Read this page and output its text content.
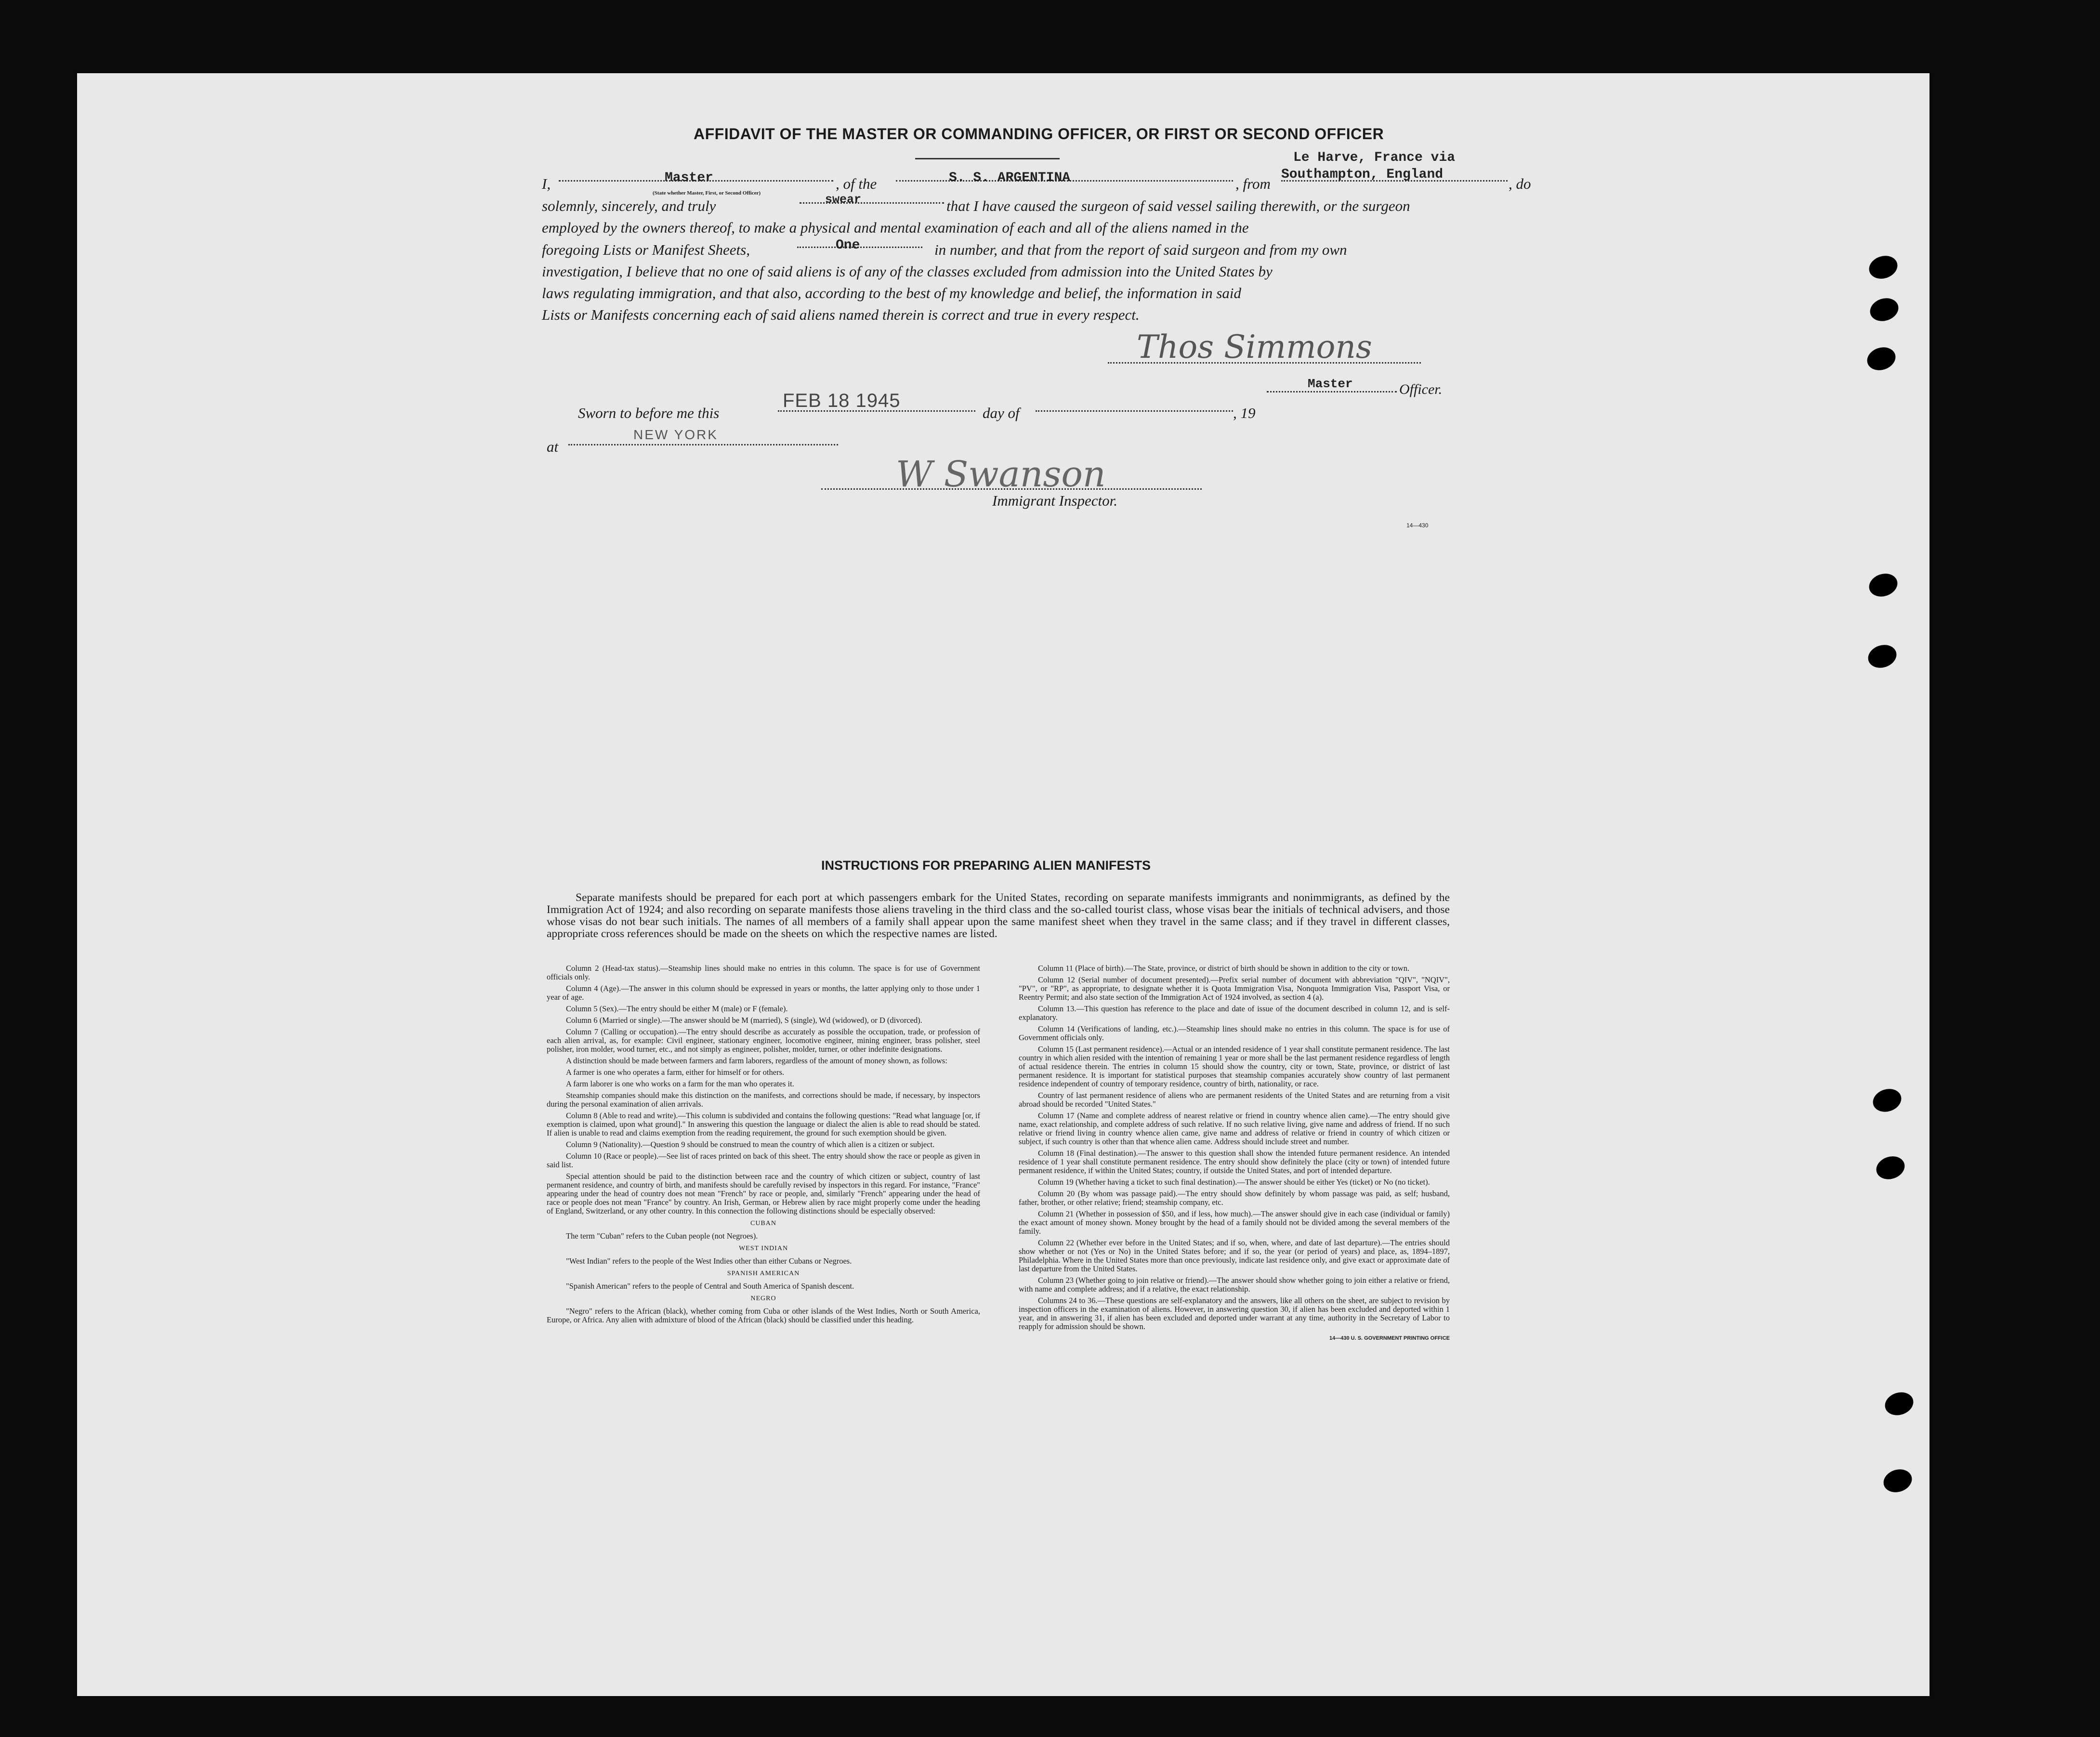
AFFIDAVIT OF THE MASTER OR COMMANDING OFFICER, OR FIRST OR SECOND OFFICER
I,	Master
(State whether Master, First, or Second Officer)
, of the	S. S. ARGENTINA	, from
Le Harve, France via
Southampton, England
, do
solemnly, sincerely, and truly	swear	that I have caused the surgeon of said vessel sailing therewith, or the surgeon
employed by the owners thereof, to make a physical and mental examination of each and all of the aliens named in the
foregoing Lists or Manifest Sheets,	One	in number, and that from the report of said surgeon and from my own
investigation, I believe that no one of said aliens is of any of the classes excluded from admission into the United States by
laws regulating immigration, and that also, according to the best of my knowledge and belief, the information in said
Lists or Manifests concerning each of said aliens named therein is correct and true in every respect.
Thos Simmons
Master	Officer.
Sworn to before me this
FEB 18 1945
day of	, 19
at
NEW YORK
W Swanson
Immigrant Inspector.
14—430
INSTRUCTIONS FOR PREPARING ALIEN MANIFESTS

Separate manifests should be prepared for each port at which passengers embark for the United States, recording on separate manifests immigrants and nonimmigrants, as defined by the Immigration Act of 1924; and also recording on separate manifests those aliens traveling in the third class and the so-called tourist class, whose visas bear the initials of technical advisers, and those whose visas do not bear such initials. The names of all members of a family shall appear upon the same manifest sheet when they travel in the same class; and if they travel in different classes, appropriate cross references should be made on the sheets on which the respective names are listed.

Column 2 (Head-tax status).—Steamship lines should make no entries in this column. The space is for use of Government officials only.

Column 4 (Age).—The answer in this column should be expressed in years or months, the latter applying only to those under 1 year of age.

Column 5 (Sex).—The entry should be either M (male) or F (female).

Column 6 (Married or single).—The answer should be M (married), S (single), Wd (widowed), or D (divorced).

Column 7 (Calling or occupation).—The entry should describe as accurately as possible the occupation, trade, or profession of each alien arrival, as, for example: Civil engineer, stationary engineer, locomotive engineer, mining engineer, brass polisher, steel polisher, iron molder, wood turner, etc., and not simply as engineer, polisher, molder, turner, or other indefinite designations.

A distinction should be made between farmers and farm laborers, regardless of the amount of money shown, as follows:

A farmer is one who operates a farm, either for himself or for others.

A farm laborer is one who works on a farm for the man who operates it.

Steamship companies should make this distinction on the manifests, and corrections should be made, if necessary, by inspectors during the personal examination of alien arrivals.

Column 8 (Able to read and write).—This column is subdivided and contains the following questions: "Read what language [or, if exemption is claimed, upon what ground]." In answering this question the language or dialect the alien is able to read should be stated. If alien is unable to read and claims exemption from the reading requirement, the ground for such exemption should be given.

Column 9 (Nationality).—Question 9 should be construed to mean the country of which alien is a citizen or subject.

Column 10 (Race or people).—See list of races printed on back of this sheet. The entry should show the race or people as given in said list.

Special attention should be paid to the distinction between race and the country of which citizen or subject, country of last permanent residence, and country of birth, and manifests should be carefully revised by inspectors in this regard. For instance, "France" appearing under the head of country does not mean "French" by race or people, and, similarly "French" appearing under the head of race or people does not mean "France" by country. An Irish, German, or Hebrew alien by race might properly come under the heading of England, Switzerland, or any other country. In this connection the following distinctions should be especially observed:

CUBAN

The term "Cuban" refers to the Cuban people (not Negroes).

WEST INDIAN

"West Indian" refers to the people of the West Indies other than either Cubans or Negroes.

SPANISH AMERICAN

"Spanish American" refers to the people of Central and South America of Spanish descent.

NEGRO

"Negro" refers to the African (black), whether coming from Cuba or other islands of the West Indies, North or South America, Europe, or Africa. Any alien with admixture of blood of the African (black) should be classified under this heading.

Column 11 (Place of birth).—The State, province, or district of birth should be shown in addition to the city or town.

Column 12 (Serial number of document presented).—Prefix serial number of document with abbreviation "QIV", "NQIV", "PV", or "RP", as appropriate, to designate whether it is Quota Immigration Visa, Nonquota Immigration Visa, Passport Visa, or Reentry Permit; and also state section of the Immigration Act of 1924 involved, as section 4 (a).

Column 13.—This question has reference to the place and date of issue of the document described in column 12, and is self-explanatory.

Column 14 (Verifications of landing, etc.).—Steamship lines should make no entries in this column. The space is for use of Government officials only.

Column 15 (Last permanent residence).—Actual or an intended residence of 1 year shall constitute permanent residence. The last country in which alien resided with the intention of remaining 1 year or more shall be the last permanent residence regardless of length of actual residence therein. The entries in column 15 should show the country, city or town, State, province, or district of last permanent residence. It is important for statistical purposes that steamship companies accurately show country of last permanent residence independent of country of temporary residence, country of birth, nationality, or race.

Country of last permanent residence of aliens who are permanent residents of the United States and are returning from a visit abroad should be recorded "United States."

Column 17 (Name and complete address of nearest relative or friend in country whence alien came).—The entry should give name, exact relationship, and complete address of such relative. If no such relative living, give name and address of friend. If no such relative or friend living in country whence alien came, give name and address of relative or friend in country of which citizen or subject, if such country is other than that whence alien came. Address should include street and number.

Column 18 (Final destination).—The answer to this question shall show the intended future permanent residence. An intended residence of 1 year shall constitute permanent residence. The entry should show definitely the place (city or town) of intended future permanent residence, if within the United States; country, if outside the United States, and port of intended departure.

Column 19 (Whether having a ticket to such final destination).—The answer should be either Yes (ticket) or No (no ticket).

Column 20 (By whom was passage paid).—The entry should show definitely by whom passage was paid, as self; husband, father, brother, or other relative; friend; steamship company, etc.

Column 21 (Whether in possession of $50, and if less, how much).—The answer should give in each case (individual or family) the exact amount of money shown. Money brought by the head of a family should not be divided among the several members of the family.

Column 22 (Whether ever before in the United States; and if so, when, where, and date of last departure).—The entries should show whether or not (Yes or No) in the United States before; and if so, the year (or period of years) and place, as, 1894–1897, Philadelphia. Where in the United States more than once previously, indicate last residence only, and give exact or approximate date of last departure from the United States.

Column 23 (Whether going to join relative or friend).—The answer should show whether going to join either a relative or friend, with name and complete address; and if a relative, the exact relationship.

Columns 24 to 36.—These questions are self-explanatory and the answers, like all others on the sheet, are subject to revision by inspection officers in the examination of aliens. However, in answering question 30, if alien has been excluded and deported within 1 year, and in answering 31, if alien has been excluded and deported under warrant at any time, authority in the Secretary of Labor to reapply for admission should be shown.

14—430 U. S. GOVERNMENT PRINTING OFFICE
